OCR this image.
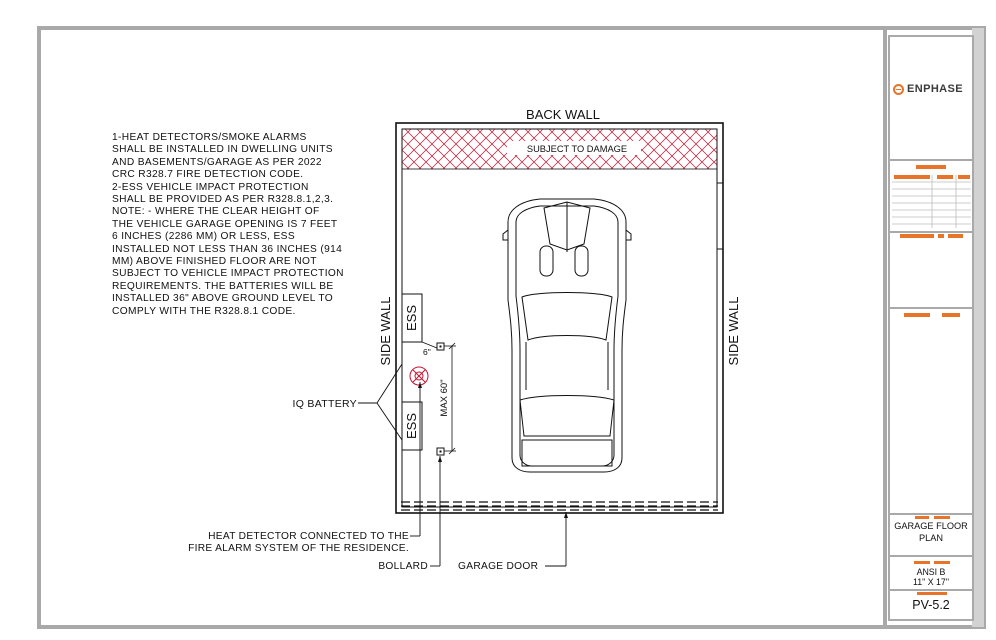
SUBJECT TO DAMAGE
BACK WALL
SIDE WALL	SIDE WALL
ESS
ESS
6"
MAX 60"
IQ BATTERY
HEAT DETECTOR CONNECTED TO THE
FIRE ALARM SYSTEM OF THE RESIDENCE.
BOLLARD	GARAGE DOOR
1-HEAT DETECTORS/SMOKE ALARMS
SHALL BE INSTALLED IN DWELLING UNITS
AND BASEMENTS/GARAGE AS PER 2022
CRC R328.7 FIRE DETECTION CODE.
2-ESS VEHICLE IMPACT PROTECTION
SHALL BE PROVIDED AS PER R328.8.1,2,3.
NOTE: - WHERE THE CLEAR HEIGHT OF
THE VEHICLE GARAGE OPENING IS 7 FEET
6 INCHES (2286 MM) OR LESS, ESS
INSTALLED NOT LESS THAN 36 INCHES (914
MM) ABOVE FINISHED FLOOR ARE NOT
SUBJECT TO VEHICLE IMPACT PROTECTION
REQUIREMENTS. THE BATTERIES WILL BE
INSTALLED 36" ABOVE GROUND LEVEL TO
COMPLY WITH THE R328.8.1 CODE.
ENPHASE
GARAGE FLOOR
PLAN
ANSI B
11" X 17"
PV-5.2
